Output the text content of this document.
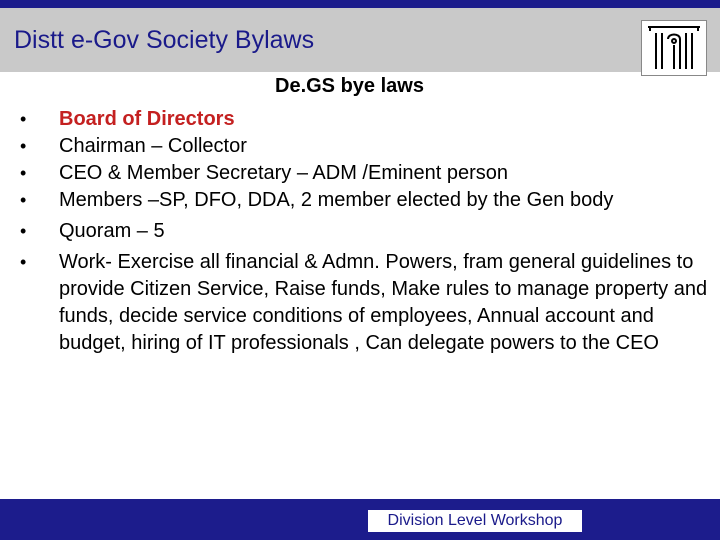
Distt e-Gov Society Bylaws
De.GS bye laws
•	Board of Directors
•	Chairman – Collector
•	CEO & Member Secretary – ADM /Eminent person
•	Members –SP, DFO, DDA, 2 member elected by the Gen body
•	Quoram – 5
•	Work- Exercise all financial & Admn. Powers, fram general guidelines to provide Citizen Service, Raise funds, Make rules to manage property and funds, decide service conditions of employees, Annual account and budget, hiring of IT professionals , Can delegate powers to the CEO
Division Level Workshop
